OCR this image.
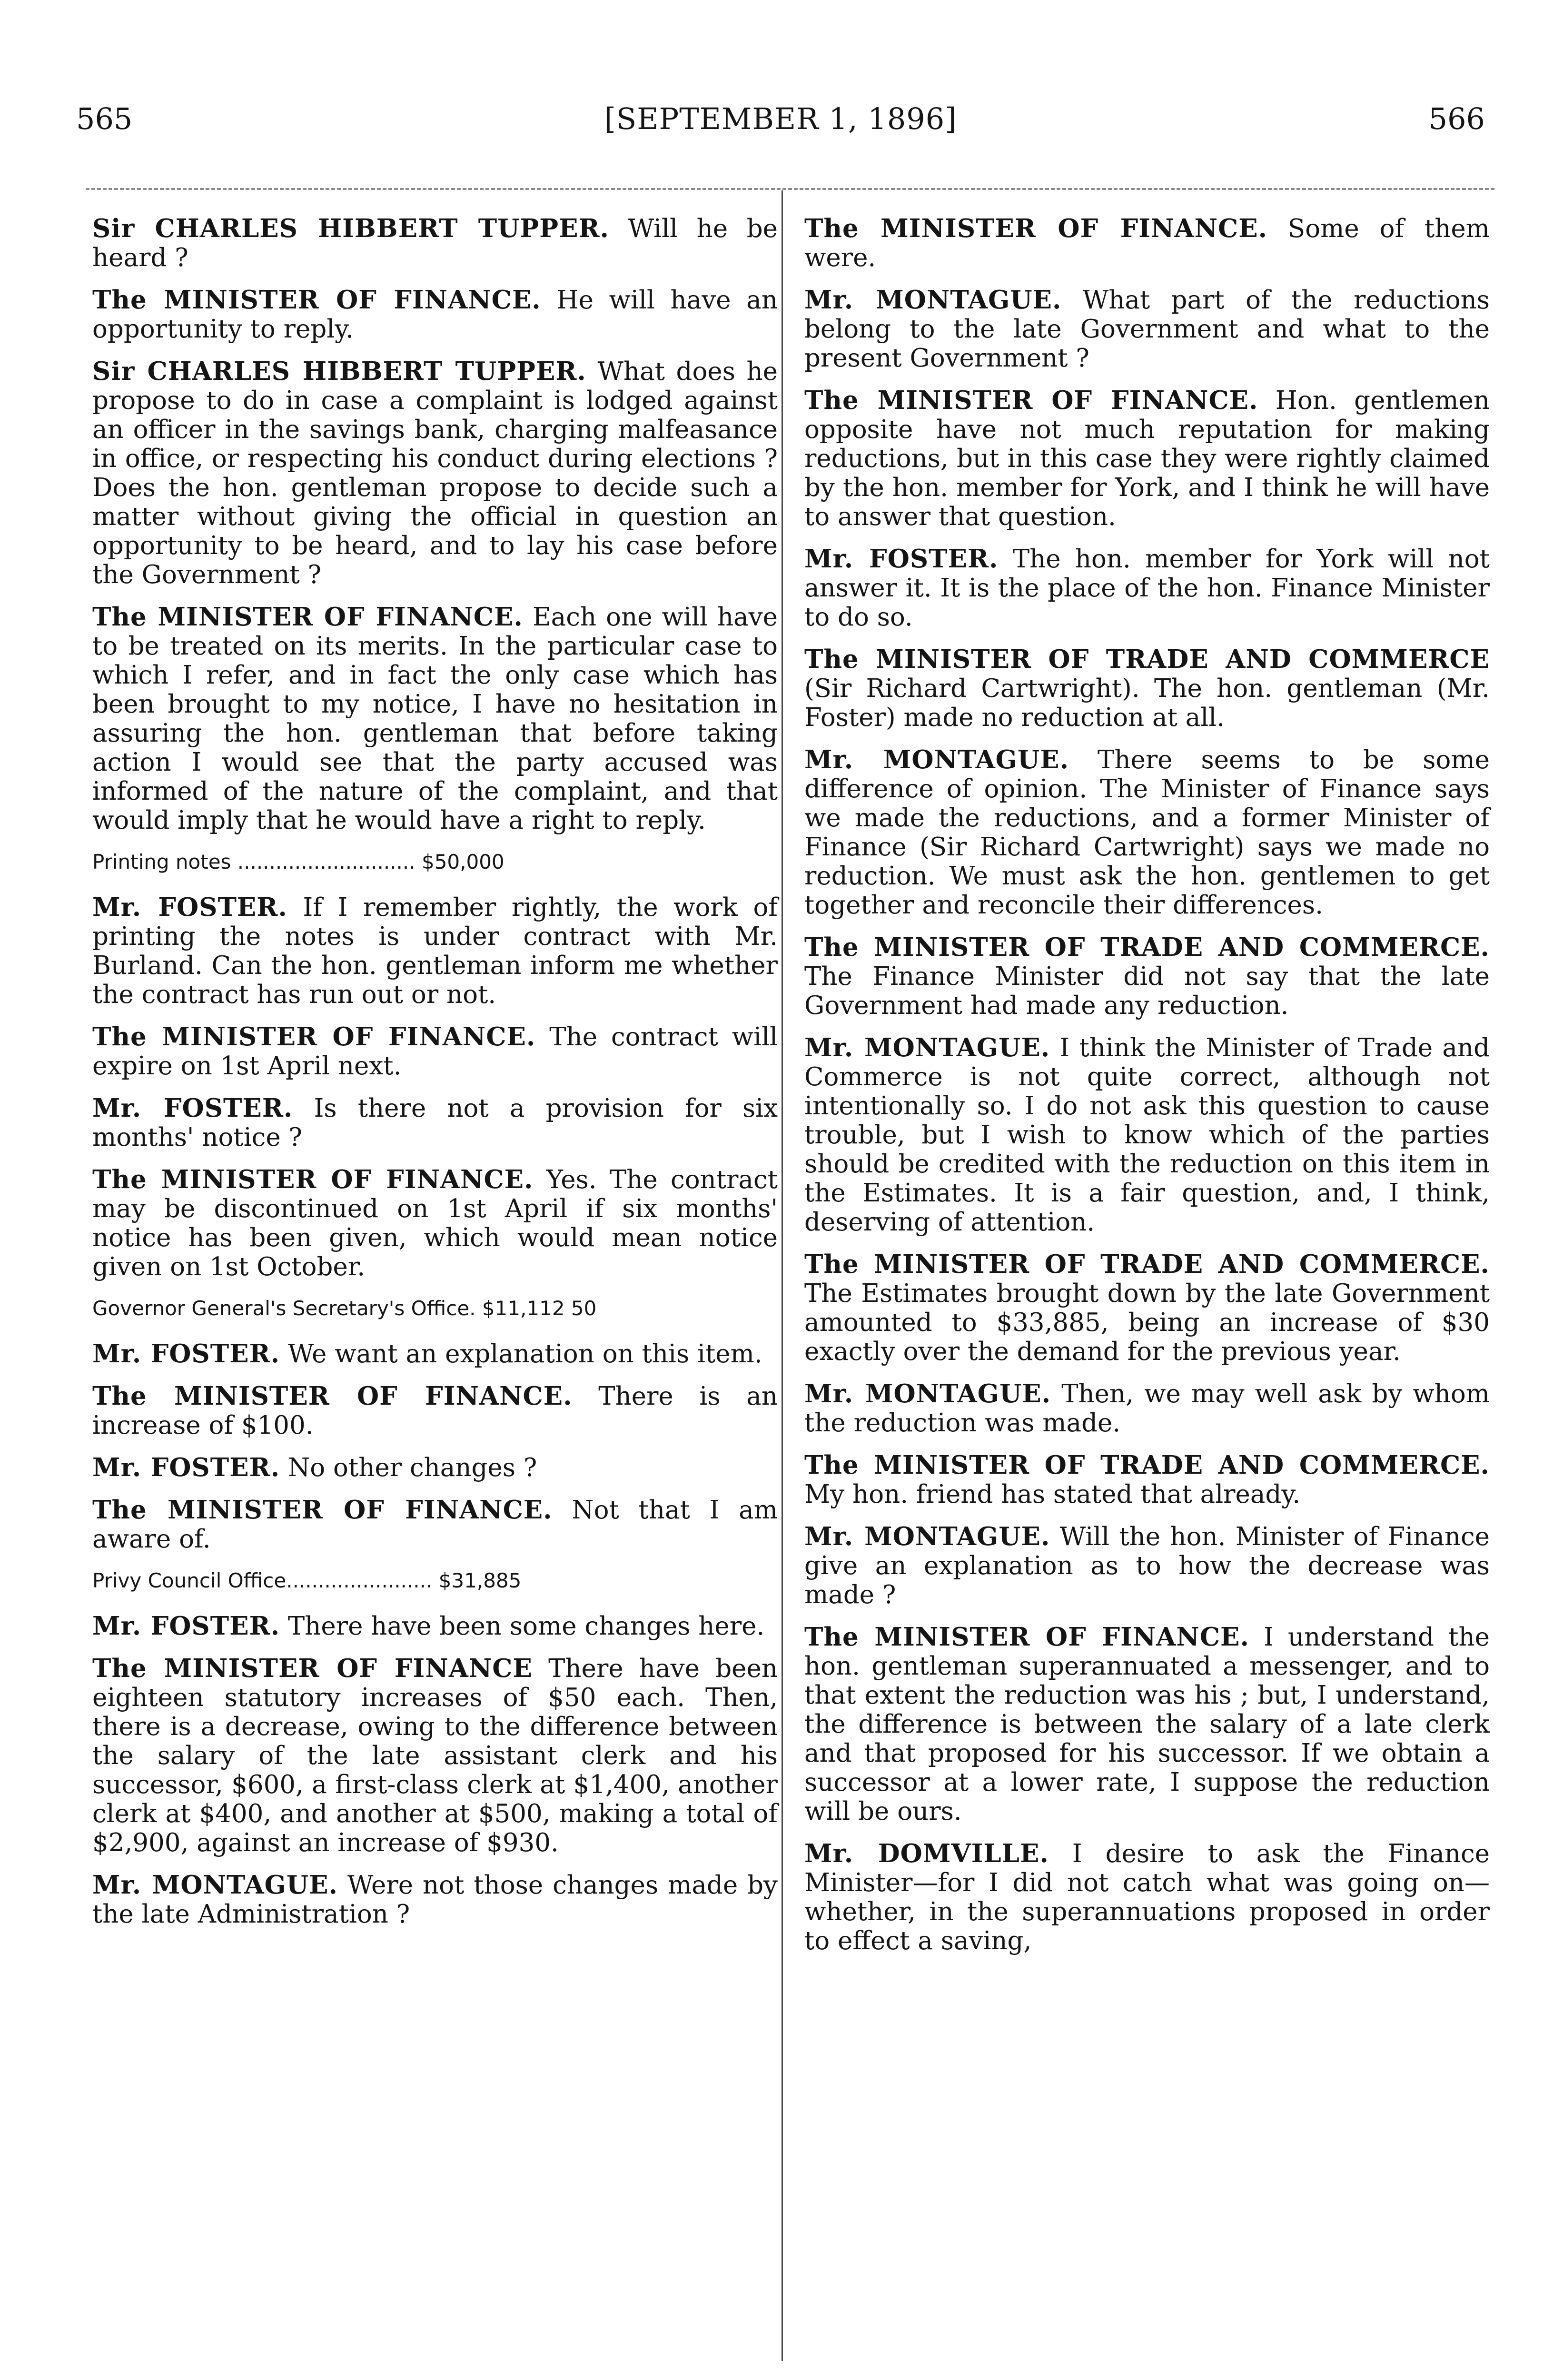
565	[SEPTEMBER 1, 1896]	566

Sir CHARLES HIBBERT TUPPER. Will he be heard ?

The MINISTER OF FINANCE. He will have an opportunity to reply.

Sir CHARLES HIBBERT TUPPER. What does he propose to do in case a complaint is lodged against an officer in the savings bank, charging malfeasance in office, or respecting his conduct during elections ? Does the hon. gentleman propose to decide such a matter without giving the official in question an opportunity to be heard, and to lay his case before the Government ?

The MINISTER OF FINANCE. Each one will have to be treated on its merits. In the particular case to which I refer, and in fact the only case which has been brought to my notice, I have no hesitation in assuring the hon. gentleman that before taking action I would see that the party accused was informed of the nature of the complaint, and that would imply that he would have a right to reply.

Printing notes ............................ $50,000

Mr. FOSTER. If I remember rightly, the work of printing the notes is under contract with Mr. Burland. Can the hon. gentleman inform me whether the contract has run out or not.

The MINISTER OF FINANCE. The contract will expire on 1st April next.

Mr. FOSTER. Is there not a provision for six months' notice ?

The MINISTER OF FINANCE. Yes. The contract may be discontinued on 1st April if six months' notice has been given, which would mean notice given on 1st October.

Governor General's Secretary's Office. $11,112 50

Mr. FOSTER. We want an explanation on this item.

The MINISTER OF FINANCE. There is an increase of $100.

Mr. FOSTER. No other changes ?

The MINISTER OF FINANCE. Not that I am aware of.

Privy Council Office....................... $31,885

Mr. FOSTER. There have been some changes here.

The MINISTER OF FINANCE There have been eighteen statutory increases of $50 each. Then, there is a decrease, owing to the difference between the salary of the late assistant clerk and his successor, $600, a first-class clerk at $1,400, another clerk at $400, and another at $500, making a total of $2,900, against an increase of $930.

Mr. MONTAGUE. Were not those changes made by the late Administration ?

The MINISTER OF FINANCE. Some of them were.

Mr. MONTAGUE. What part of the reductions belong to the late Government and what to the present Government ?

The MINISTER OF FINANCE. Hon. gentlemen opposite have not much reputation for making reductions, but in this case they were rightly claimed by the hon. member for York, and I think he will have to answer that question.

Mr. FOSTER. The hon. member for York will not answer it. It is the place of the hon. Finance Minister to do so.

The MINISTER OF TRADE AND COMMERCE (Sir Richard Cartwright). The hon. gentleman (Mr. Foster) made no reduction at all.

Mr. MONTAGUE. There seems to be some difference of opinion. The Minister of Finance says we made the reductions, and a former Minister of Finance (Sir Richard Cartwright) says we made no reduction. We must ask the hon. gentlemen to get together and reconcile their differences.

The MINISTER OF TRADE AND COMMERCE. The Finance Minister did not say that the late Government had made any reduction.

Mr. MONTAGUE. I think the Minister of Trade and Commerce is not quite correct, although not intentionally so. I do not ask this question to cause trouble, but I wish to know which of the parties should be credited with the reduction on this item in the Estimates. It is a fair question, and, I think, deserving of attention.

The MINISTER OF TRADE AND COMMERCE. The Estimates brought down by the late Government amounted to $33,885, being an increase of $30 exactly over the demand for the previous year.

Mr. MONTAGUE. Then, we may well ask by whom the reduction was made.

The MINISTER OF TRADE AND COMMERCE. My hon. friend has stated that already.

Mr. MONTAGUE. Will the hon. Minister of Finance give an explanation as to how the decrease was made ?

The MINISTER OF FINANCE. I understand the hon. gentleman superannuated a messenger, and to that extent the reduction was his ; but, I understand, the difference is between the salary of a late clerk and that proposed for his successor. If we obtain a successor at a lower rate, I suppose the reduction will be ours.

Mr. DOMVILLE. I desire to ask the Finance Minister—for I did not catch what was going on—whether, in the superannuations proposed in order to effect a saving,
